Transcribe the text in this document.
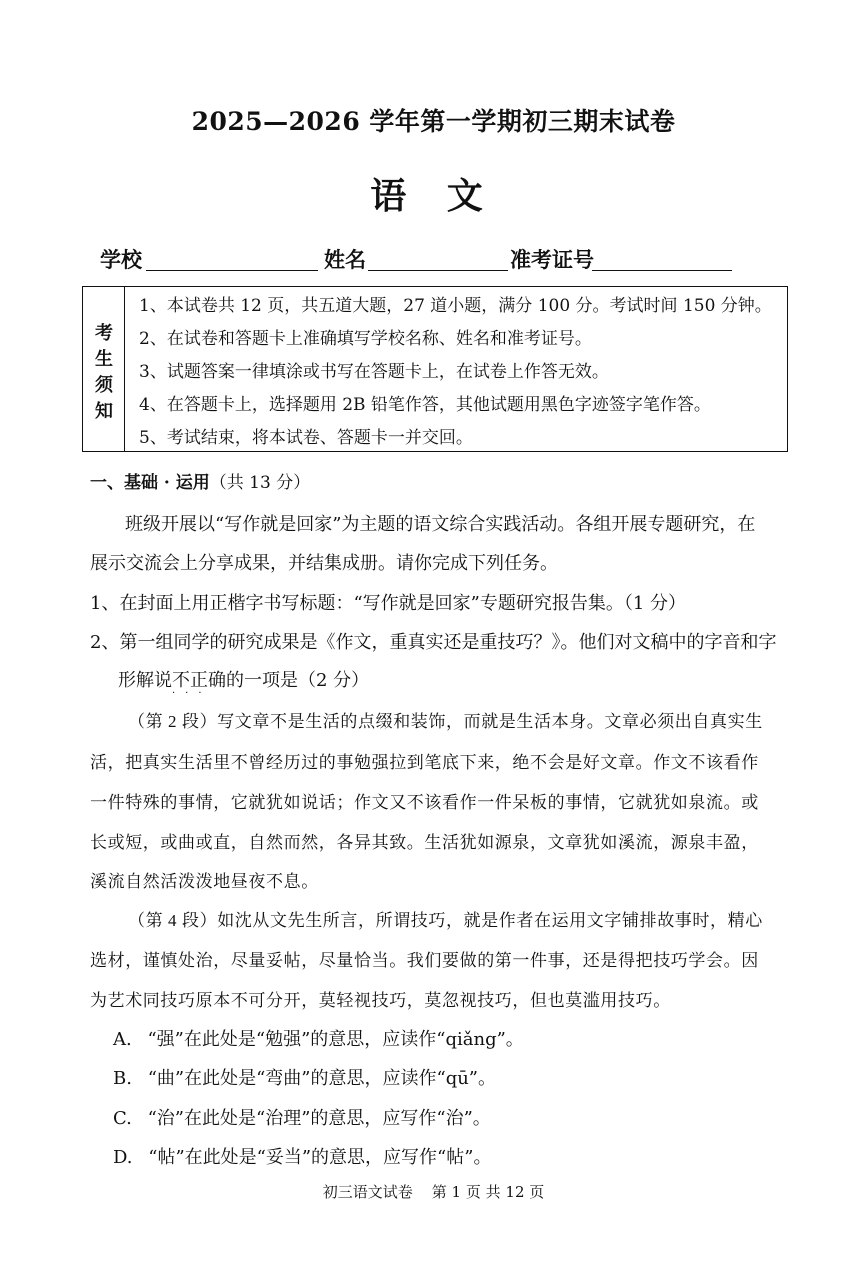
2025—2026 学年第一学期初三期末试卷
语 文
学校	姓名	准考证号
考
生
须
知
1、本试卷共 12 页，共五道大题，27 道小题，满分 100 分。考试时间 150 分钟。
2、在试卷和答题卡上准确填写学校名称、姓名和准考证号。
3、试题答案一律填涂或书写在答题卡上，在试卷上作答无效。
4、在答题卡上，选择题用 2B 铅笔作答，其他试题用黑色字迹签字笔作答。
5、考试结束，将本试卷、答题卡一并交回。
一、基础 · 运用（共 13 分）
班级开展以“写作就是回家”为主题的语文综合实践活动。各组开展专题研究，在
展示交流会上分享成果，并结集成册。请你完成下列任务。
1、在封面上用正楷字书写标题：“写作就是回家”专题研究报告集。（1 分）
2、第一组同学的研究成果是《作文，重真实还是重技巧？》。他们对文稿中的字音和字
形解说不正确
···
的一项是（2 分）
（第 2 段）写文章不是生活的点缀和装饰，而就是生活本身。文章必须出自真实生
活，把真实生活里不曾经历过的事勉强拉到笔底下来，绝不会是好文章。作文不该看作
一件特殊的事情，它就犹如说话；作文又不该看作一件呆板的事情，它就犹如泉流。或
长或短，或曲或直，自然而然，各异其致。生活犹如源泉，文章犹如溪流，源泉丰盈，
溪流自然活泼泼地昼夜不息。
（第 4 段）如沈从文先生所言，所谓技巧，就是作者在运用文字铺排故事时，精心
选材，谨慎处治，尽量妥帖，尽量恰当。我们要做的第一件事，还是得把技巧学会。因
为艺术同技巧原本不可分开，莫轻视技巧，莫忽视技巧，但也莫滥用技巧。
A. “强”在此处是“勉强”的意思，应读作“qiǎng”。
B. “曲”在此处是“弯曲”的意思，应读作“qū”。
C. “治”在此处是“治理”的意思，应写作“治”。
D. “帖”在此处是“妥当”的意思，应写作“帖”。
初三语文试卷    第 1 页 共 12 页
